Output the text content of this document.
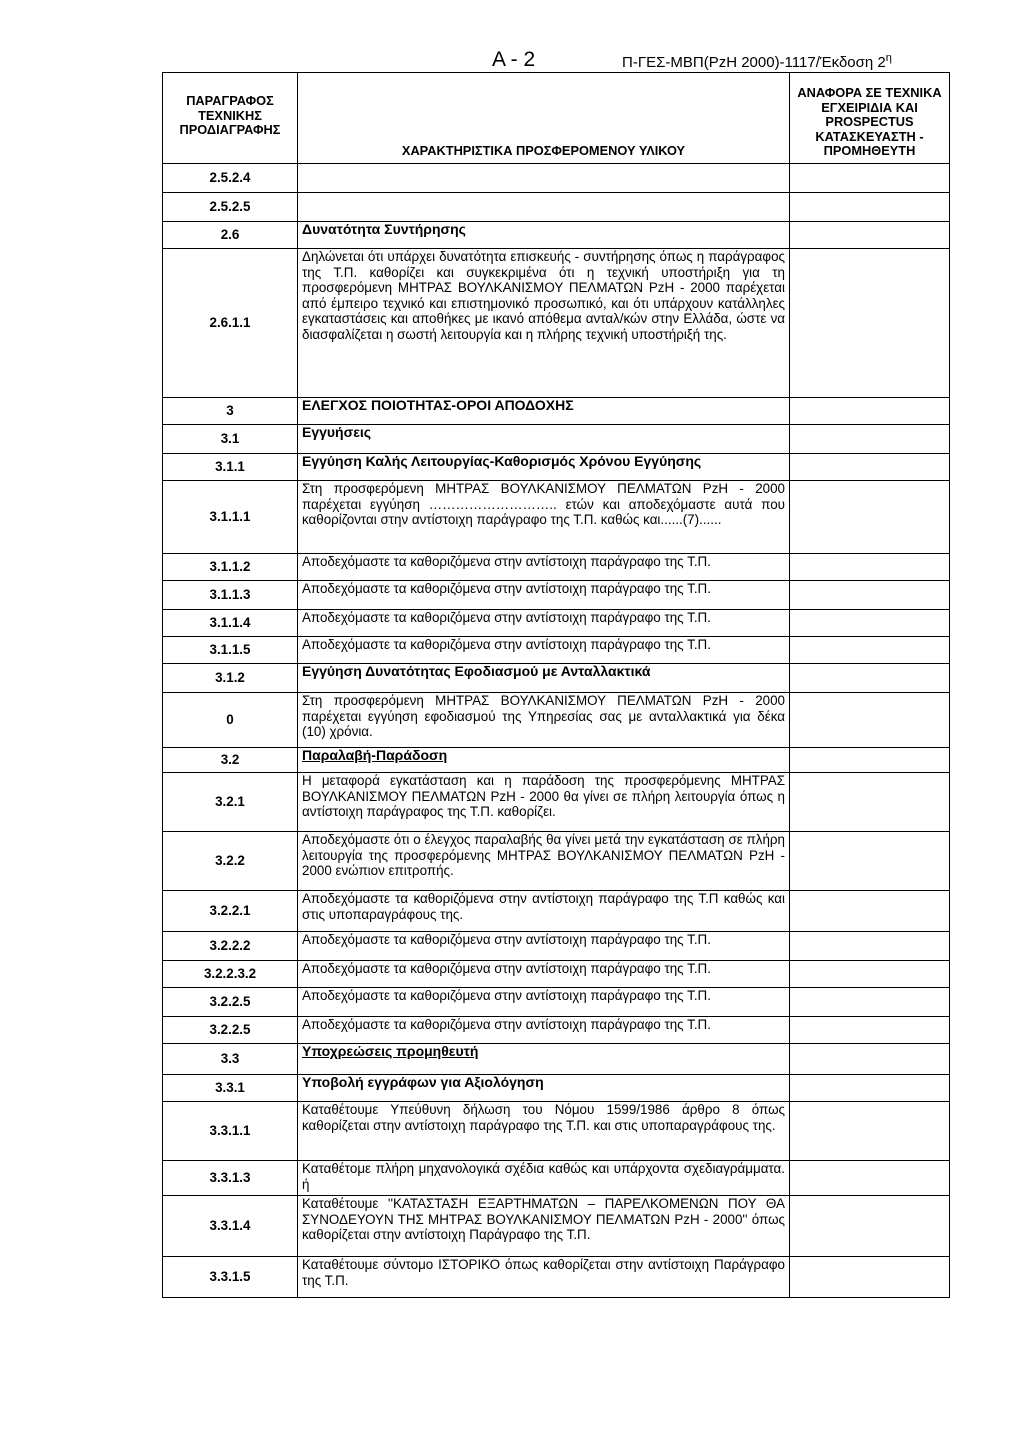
A - 2	Π-ΓΕΣ-ΜΒΠ(ΡzΗ 2000)-1117/Έκδοση $2^\eta$
ΠΑΡΑΓΡΑΦΟΣ ΤΕΧΝΙΚΗΣ ΠΡΟΔΙΑΓΡΑΦΗΣ	ΧΑΡΑΚΤΗΡΙΣΤΙΚΑ ΠΡΟΣΦΕΡΟΜΕΝΟΥ ΥΛΙΚΟΥ	ΑΝΑΦΟΡΑ ΣΕ ΤΕΧΝΙΚΑ ΕΓΧΕΙΡΙΔΙΑ ΚΑΙ PROSPECTUS ΚΑΤΑΣΚΕΥΑΣΤΗ - ΠΡΟΜΗΘΕΥΤΗ
2.5.2.4		
2.5.2.5		
2.6	Δυνατότητα Συντήρησης	
2.6.1.1	Δηλώνεται ότι υπάρχει δυνατότητα επισκευής - συντήρησης όπως η παράγραφος της Τ.Π. καθορίζει και συγκεκριμένα ότι η τεχνική υποστήριξη για τη προσφερόμενη ΜΗΤΡΑΣ ΒΟΥΛΚΑΝΙΣΜΟΥ ΠΕΛΜΑΤΩΝ ΡzΗ - 2000 παρέχεται από έμπειρο τεχνικό και επιστημονικό προσωπικό, και ότι υπάρχουν κατάλληλες εγκαταστάσεις και αποθήκες με ικανό απόθεμα ανταλ/κών στην Ελλάδα, ώστε να διασφαλίζεται η σωστή λειτουργία και η πλήρης τεχνική υποστήριξή της.	
3	ΕΛΕΓΧΟΣ ΠΟΙΟΤΗΤΑΣ-ΟΡΟΙ ΑΠΟΔΟΧΗΣ	
3.1	Εγγυήσεις	
3.1.1	Εγγύηση Καλής Λειτουργίας-Καθορισμός Χρόνου Εγγύησης	
3.1.1.1	Στη προσφερόμενη ΜΗΤΡΑΣ ΒΟΥΛΚΑΝΙΣΜΟΥ ΠΕΛΜΑΤΩΝ ΡzΗ - 2000 παρέχεται εγγύηση ……………………….. ετών και αποδεχόμαστε αυτά που καθορίζονται στην αντίστοιχη παράγραφο της Τ.Π. καθώς και......(7)......	
3.1.1.2	Αποδεχόμαστε τα καθοριζόμενα στην αντίστοιχη παράγραφο της Τ.Π.	
3.1.1.3	Αποδεχόμαστε τα καθοριζόμενα στην αντίστοιχη παράγραφο της Τ.Π.	
3.1.1.4	Αποδεχόμαστε τα καθοριζόμενα στην αντίστοιχη παράγραφο της Τ.Π.	
3.1.1.5	Αποδεχόμαστε τα καθοριζόμενα στην αντίστοιχη παράγραφο της Τ.Π.	
3.1.2	Εγγύηση Δυνατότητας Εφοδιασμού με Ανταλλακτικά	
0	Στη προσφερόμενη ΜΗΤΡΑΣ ΒΟΥΛΚΑΝΙΣΜΟΥ ΠΕΛΜΑΤΩΝ ΡzΗ - 2000 παρέχεται εγγύηση εφοδιασμού της Υπηρεσίας σας με ανταλλακτικά για δέκα (10) χρόνια.	
3.2	Παραλαβή-Παράδοση	
3.2.1	Η μεταφορά εγκατάσταση και η παράδοση της προσφερόμενης ΜΗΤΡΑΣ ΒΟΥΛΚΑΝΙΣΜΟΥ ΠΕΛΜΑΤΩΝ ΡzΗ - 2000 θα γίνει σε πλήρη λειτουργία όπως η αντίστοιχη παράγραφος της Τ.Π. καθορίζει.	
3.2.2	Αποδεχόμαστε ότι ο έλεγχος παραλαβής θα γίνει μετά την εγκατάσταση σε πλήρη λειτουργία της προσφερόμενης ΜΗΤΡΑΣ ΒΟΥΛΚΑΝΙΣΜΟΥ ΠΕΛΜΑΤΩΝ ΡzΗ - 2000 ενώπιον επιτροπής.	
3.2.2.1	Αποδεχόμαστε τα καθοριζόμενα στην αντίστοιχη παράγραφο της Τ.Π καθώς και στις υποπαραγράφους της.	
3.2.2.2	Αποδεχόμαστε τα καθοριζόμενα στην αντίστοιχη παράγραφο της Τ.Π.	
3.2.2.3.2	Αποδεχόμαστε τα καθοριζόμενα στην αντίστοιχη παράγραφο της Τ.Π.	
3.2.2.5	Αποδεχόμαστε τα καθοριζόμενα στην αντίστοιχη παράγραφο της Τ.Π.	
3.2.2.5	Αποδεχόμαστε τα καθοριζόμενα στην αντίστοιχη παράγραφο της Τ.Π.	
3.3	Υποχρεώσεις προμηθευτή	
3.3.1	Υποβολή εγγράφων για Αξιολόγηση	
3.3.1.1	Καταθέτουμε Υπεύθυνη δήλωση του Νόμου 1599/1986 άρθρο 8 όπως καθορίζεται στην αντίστοιχη παράγραφο της Τ.Π. και στις υποπαραγράφους της.	
3.3.1.3	Καταθέτομε πλήρη μηχανολογικά σχέδια καθώς και υπάρχοντα σχεδιαγράμματα. ή	
3.3.1.4	Καταθέτουμε ''ΚΑΤΑΣΤΑΣΗ ΕΞΑΡΤΗΜΑΤΩΝ – ΠΑΡΕΛΚΟΜΕΝΩΝ ΠΟΥ ΘΑ ΣΥΝΟΔΕΥΟΥΝ ΤΗΣ ΜΗΤΡΑΣ ΒΟΥΛΚΑΝΙΣΜΟΥ ΠΕΛΜΑΤΩΝ ΡzΗ - 2000'' όπως καθορίζεται στην αντίστοιχη Παράγραφο της Τ.Π.	
3.3.1.5	Καταθέτουμε σύντομο ΙΣΤΟΡΙΚΟ όπως καθορίζεται στην αντίστοιχη Παράγραφο της Τ.Π.	
